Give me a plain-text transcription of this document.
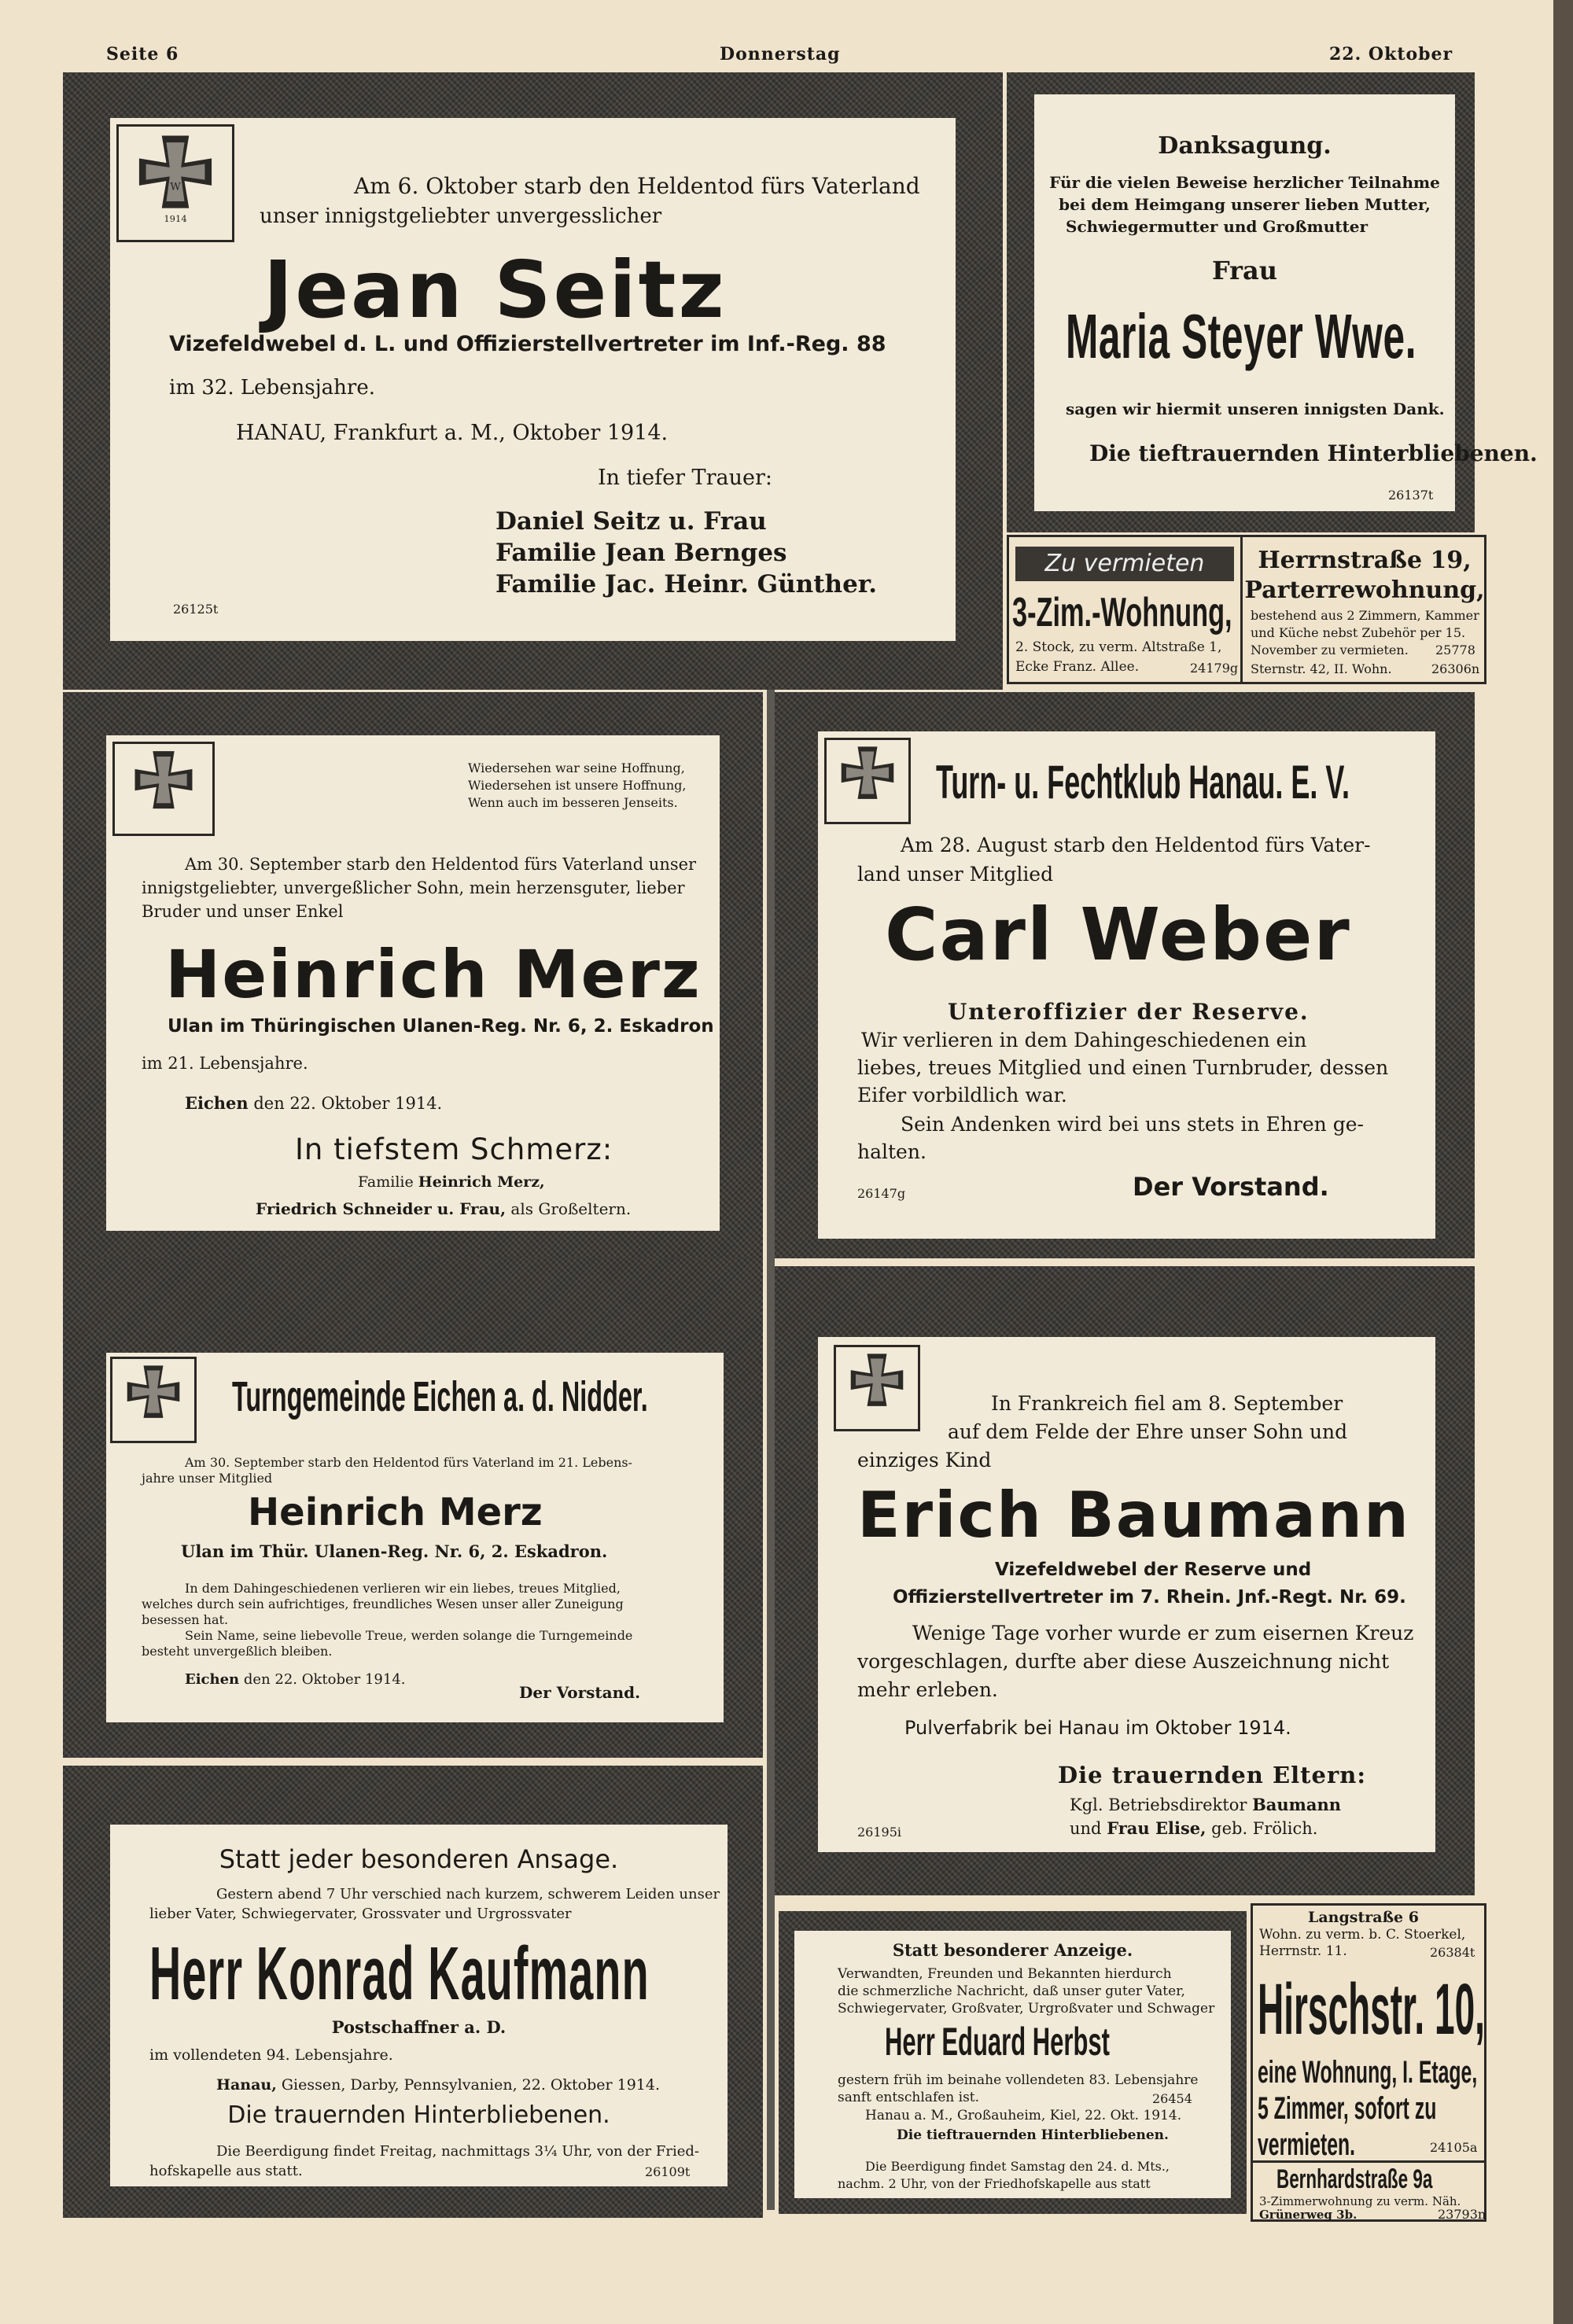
Seite 6	Donnerstag	22. Oktober
W
1914
Am 6. Oktober starb den Heldentod fürs Vaterland
unser innigstgeliebter unvergesslicher
Jean Seitz
Vizefeldwebel d. L. und Offizierstellvertreter im Inf.-Reg. 88
im 32. Lebensjahre.
HANAU, Frankfurt a. M., Oktober 1914.
In tiefer Trauer:
Daniel Seitz u. Frau
Familie Jean Bernges
Familie Jac. Heinr. Günther.
26125t
Danksagung.
Für die vielen Beweise herzlicher Teilnahme
bei dem Heimgang unserer lieben Mutter,
Schwiegermutter und Großmutter
Frau
Maria Steyer Wwe.
sagen wir hiermit unseren innigsten Dank.
Die tieftrauernden Hinterbliebenen.
26137t
Zu vermieten
3-Zim.-Wohnung,
2. Stock, zu verm. Altstraße 1,
Ecke Franz. Allee.	24179g
Herrnstraße 19,
Parterrewohnung,
bestehend aus 2 Zimmern, Kammer
und Küche nebst Zubehör per 15.
November zu vermieten. 25778
Sternstr. 42, II. Wohn.	26306n
Wiedersehen war seine Hoffnung,
Wiedersehen ist unsere Hoffnung,
Wenn auch im besseren Jenseits.
Am 30. September starb den Heldentod fürs Vaterland unser
innigstgeliebter, unvergeßlicher Sohn, mein herzensguter, lieber
Bruder und unser Enkel
Heinrich Merz
Ulan im Thüringischen Ulanen-Reg. Nr. 6, 2. Eskadron
im 21. Lebensjahre.
Eichen den 22. Oktober 1914.
In tiefstem Schmerz:
Familie Heinrich Merz,
Friedrich Schneider u. Frau, als Großeltern.
Turn- u. Fechtklub Hanau. E. V.
Am 28. August starb den Heldentod fürs Vater-
land unser Mitglied
Carl Weber
Unteroffizier der Reserve.
Wir verlieren in dem Dahingeschiedenen ein
liebes, treues Mitglied und einen Turnbruder, dessen
Eifer vorbildlich war.
Sein Andenken wird bei uns stets in Ehren ge-
halten.
26147g	Der Vorstand.
Turngemeinde Eichen a. d. Nidder.
Am 30. September starb den Heldentod fürs Vaterland im 21. Lebens-
jahre unser Mitglied
Heinrich Merz
Ulan im Thür. Ulanen-Reg. Nr. 6, 2. Eskadron.
In dem Dahingeschiedenen verlieren wir ein liebes, treues Mitglied,
welches durch sein aufrichtiges, freundliches Wesen unser aller Zuneigung
besessen hat.
Sein Name, seine liebevolle Treue, werden solange die Turngemeinde
besteht unvergeßlich bleiben.
Eichen den 22. Oktober 1914.
Der Vorstand.
In Frankreich fiel am 8. September
auf dem Felde der Ehre unser Sohn und
einziges Kind
Erich Baumann
Vizefeldwebel der Reserve und
Offizierstellvertreter im 7. Rhein. Jnf.-Regt. Nr. 69.
Wenige Tage vorher wurde er zum eisernen Kreuz
vorgeschlagen, durfte aber diese Auszeichnung nicht
mehr erleben.
Pulverfabrik bei Hanau im Oktober 1914.
Die trauernden Eltern:
Kgl. Betriebsdirektor Baumann
26195i	und Frau Elise, geb. Frölich.
Statt jeder besonderen Ansage.
Gestern abend 7 Uhr verschied nach kurzem, schwerem Leiden unser
lieber Vater, Schwiegervater, Grossvater und Urgrossvater
Herr Konrad Kaufmann
Postschaffner a. D.
im vollendeten 94. Lebensjahre.
Hanau, Giessen, Darby, Pennsylvanien, 22. Oktober 1914.
Die trauernden Hinterbliebenen.
Die Beerdigung findet Freitag, nachmittags 3¼ Uhr, von der Fried-
hofskapelle aus statt.	26109t
Statt besonderer Anzeige.
Verwandten, Freunden und Bekannten hierdurch
die schmerzliche Nachricht, daß unser guter Vater,
Schwiegervater, Großvater, Urgroßvater und Schwager
Herr Eduard Herbst
gestern früh im beinahe vollendeten 83. Lebensjahre
sanft entschlafen ist.	26454
Hanau a. M., Großauheim, Kiel, 22. Okt. 1914.
Die tieftrauernden Hinterbliebenen.
Die Beerdigung findet Samstag den 24. d. Mts.,
nachm. 2 Uhr, von der Friedhofskapelle aus statt
Langstraße 6
Wohn. zu verm. b. C. Stoerkel,
Herrnstr. 11.	26384t
Hirschstr. 10,
eine Wohnung, I. Etage,
5 Zimmer, sofort zu
vermieten.	24105a
Bernhardstraße 9a
3-Zimmerwohnung zu verm. Näh.
Grünerweg 3b.	23793n
